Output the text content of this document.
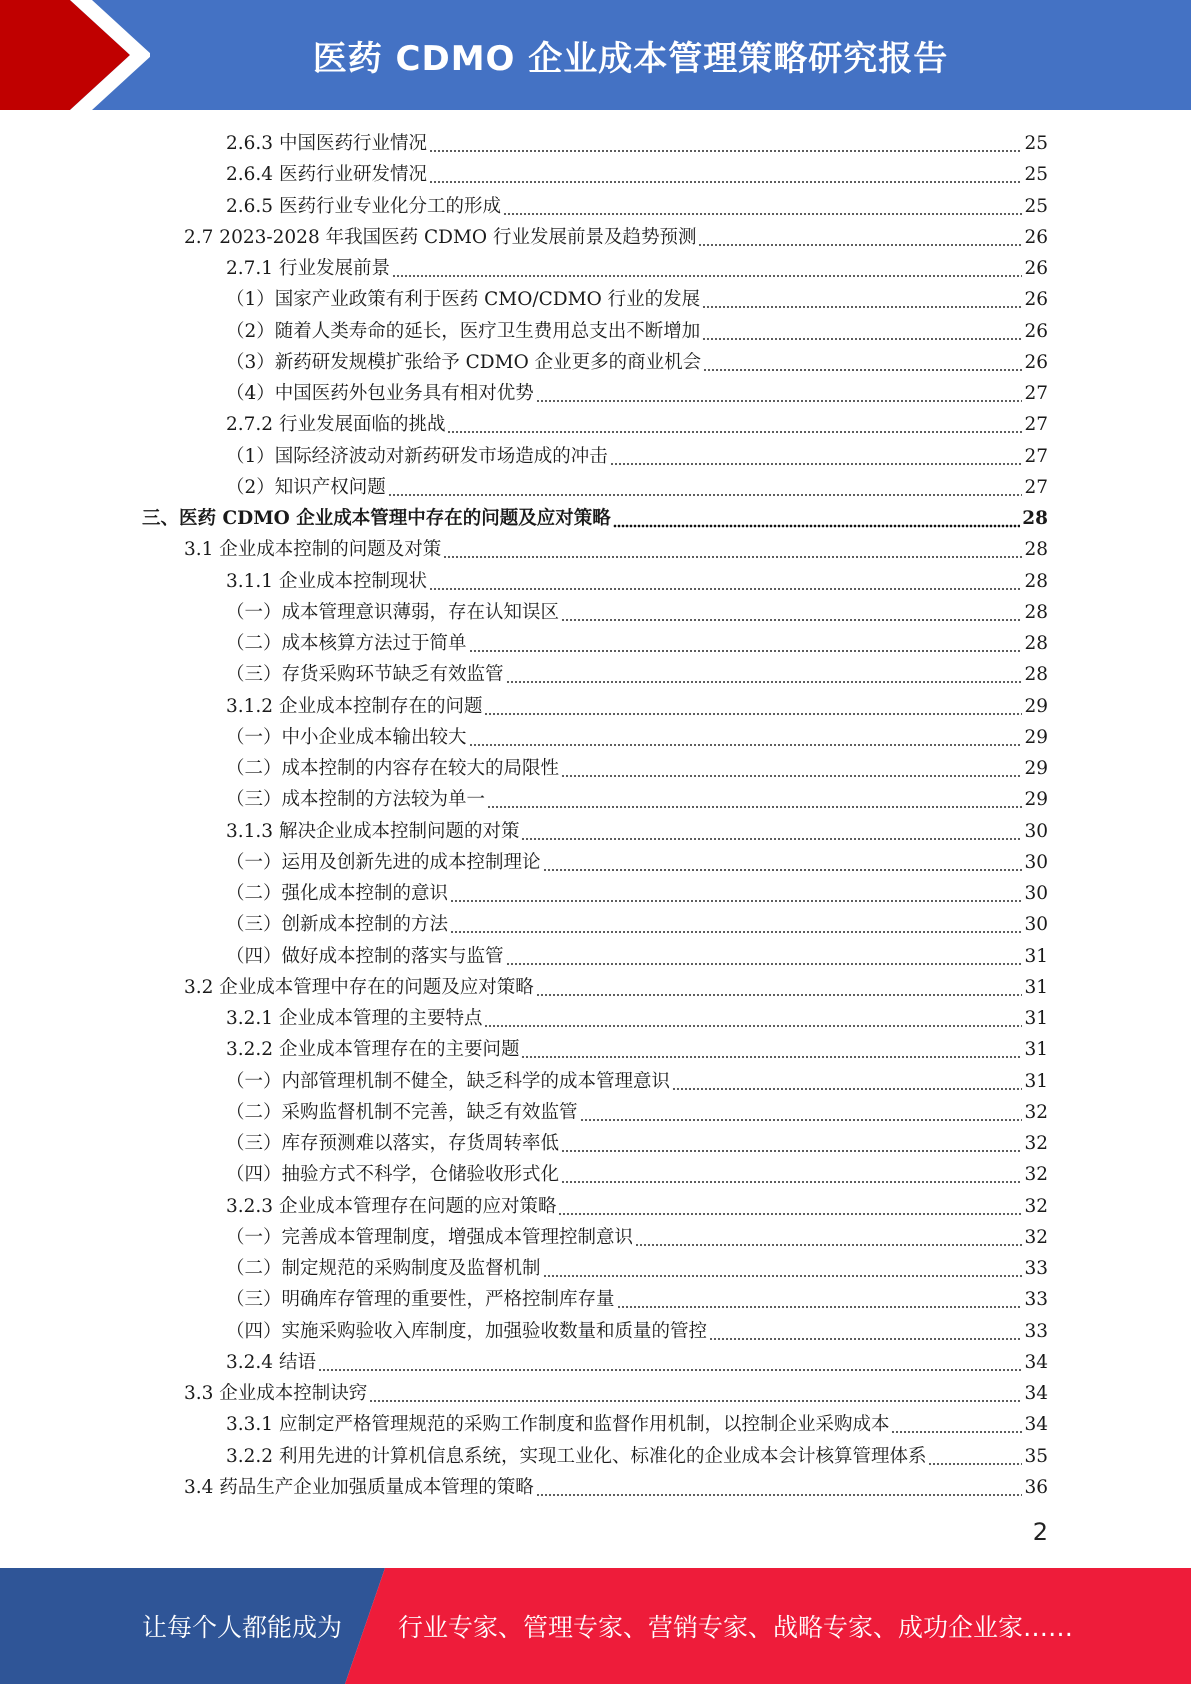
医药 CDMO 企业成本管理策略研究报告
2.6.3 中国医药行业情况	25
2.6.4 医药行业研发情况	25
2.6.5 医药行业专业化分工的形成	25
2.7 2023-2028 年我国医药 CDMO 行业发展前景及趋势预测	26
2.7.1 行业发展前景	26
（1）国家产业政策有利于医药 CMO/CDMO 行业的发展	26
（2）随着人类寿命的延长，医疗卫生费用总支出不断增加	26
（3）新药研发规模扩张给予 CDMO 企业更多的商业机会	26
（4）中国医药外包业务具有相对优势	27
2.7.2 行业发展面临的挑战	27
（1）国际经济波动对新药研发市场造成的冲击	27
（2）知识产权问题	27
三、医药 CDMO 企业成本管理中存在的问题及应对策略	28
3.1 企业成本控制的问题及对策	28
3.1.1 企业成本控制现状	28
（一）成本管理意识薄弱，存在认知误区	28
（二）成本核算方法过于简单	28
（三）存货采购环节缺乏有效监管	28
3.1.2 企业成本控制存在的问题	29
（一）中小企业成本输出较大	29
（二）成本控制的内容存在较大的局限性	29
（三）成本控制的方法较为单一	29
3.1.3 解决企业成本控制问题的对策	30
（一）运用及创新先进的成本控制理论	30
（二）强化成本控制的意识	30
（三）创新成本控制的方法	30
（四）做好成本控制的落实与监管	31
3.2 企业成本管理中存在的问题及应对策略	31
3.2.1 企业成本管理的主要特点	31
3.2.2 企业成本管理存在的主要问题	31
（一）内部管理机制不健全，缺乏科学的成本管理意识	31
（二）采购监督机制不完善，缺乏有效监管	32
（三）库存预测难以落实，存货周转率低	32
（四）抽验方式不科学，仓储验收形式化	32
3.2.3 企业成本管理存在问题的应对策略	32
（一）完善成本管理制度，增强成本管理控制意识	32
（二）制定规范的采购制度及监督机制	33
（三）明确库存管理的重要性，严格控制库存量	33
（四）实施采购验收入库制度，加强验收数量和质量的管控	33
3.2.4 结语	34
3.3 企业成本控制诀窍	34
3.3.1 应制定严格管理规范的采购工作制度和监督作用机制，以控制企业采购成本	34
3.2.2 利用先进的计算机信息系统，实现工业化、标准化的企业成本会计核算管理体系	35
3.4 药品生产企业加强质量成本管理的策略	36
2
让每个人都能成为 行业专家、管理专家、营销专家、战略专家、成功企业家……
